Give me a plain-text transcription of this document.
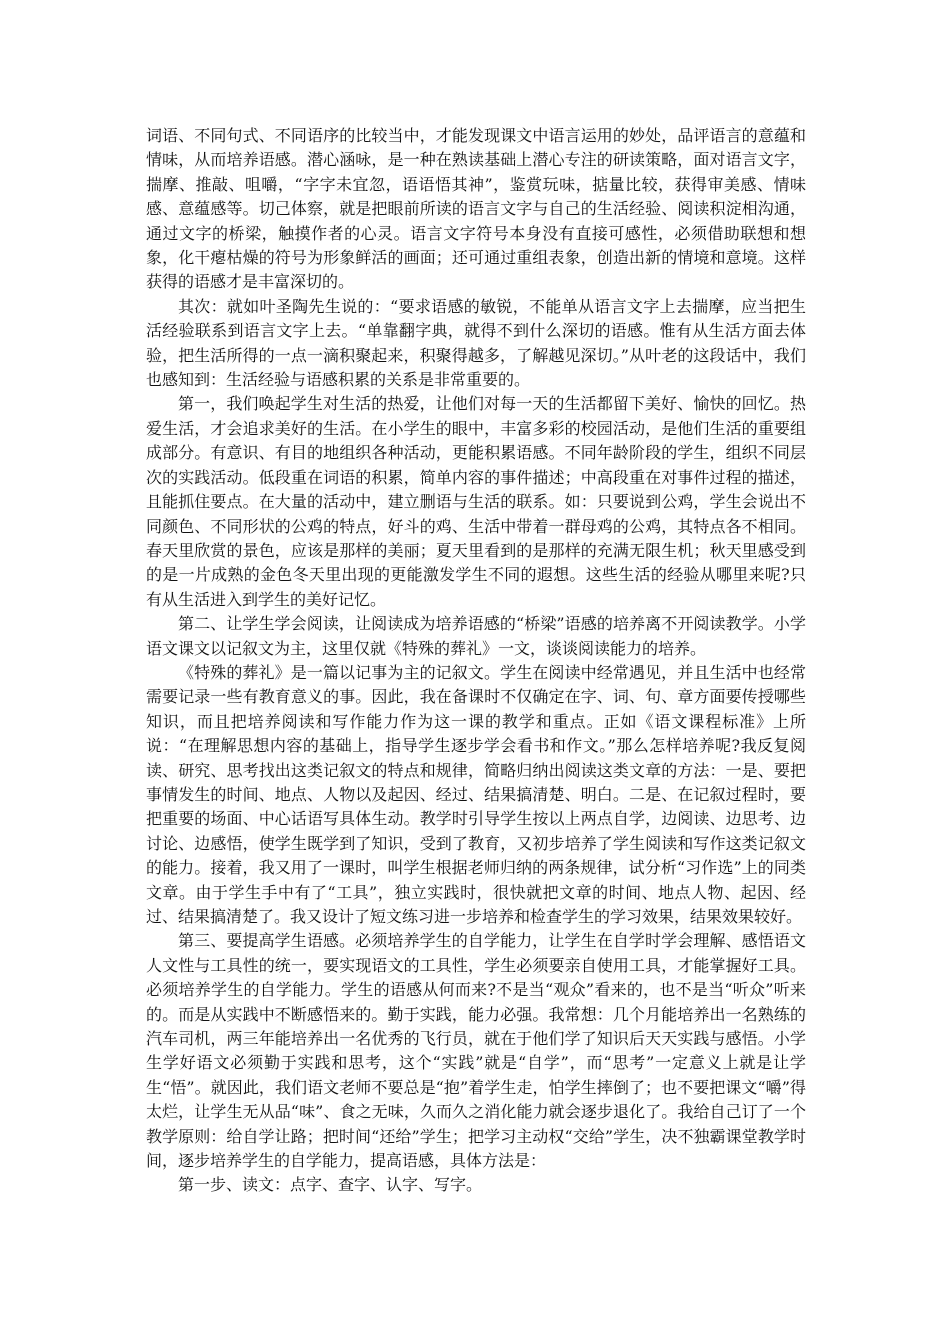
词语、不同句式、不同语序的比较当中，才能发现课文中语言运用的妙处，品评语言的意蕴和情味，从而培养语感。潜心涵咏，是一种在熟读基础上潜心专注的研读策略，面对语言文字，揣摩、推敲、咀嚼，“字字未宜忽，语语悟其神”，鉴赏玩味，掂量比较，获得审美感、情味感、意蕴感等。切己体察，就是把眼前所读的语言文字与自己的生活经验、阅读积淀相沟通，通过文字的桥梁，触摸作者的心灵。语言文字符号本身没有直接可感性，必须借助联想和想象，化干瘪枯燥的符号为形象鲜活的画面；还可通过重组表象，创造出新的情境和意境。这样获得的语感才是丰富深切的。

其次：就如叶圣陶先生说的：“要求语感的敏锐，不能单从语言文字上去揣摩，应当把生活经验联系到语言文字上去。“单靠翻字典，就得不到什么深切的语感。惟有从生活方面去体验，把生活所得的一点一滴积聚起来，积聚得越多，了解越见深切。”从叶老的这段话中，我们也感知到：生活经验与语感积累的关系是非常重要的。

第一，我们唤起学生对生活的热爱，让他们对每一天的生活都留下美好、愉快的回忆。热爱生活，才会追求美好的生活。在小学生的眼中，丰富多彩的校园活动，是他们生活的重要组成部分。有意识、有目的地组织各种活动，更能积累语感。不同年龄阶段的学生，组织不同层次的实践活动。低段重在词语的积累，简单内容的事件描述；中高段重在对事件过程的描述，且能抓住要点。在大量的活动中，建立删语与生活的联系。如：只要说到公鸡，学生会说出不同颜色、不同形状的公鸡的特点，好斗的鸡、生活中带着一群母鸡的公鸡，其特点各不相同。春天里欣赏的景色，应该是那样的美丽；夏天里看到的是那样的充满无限生机；秋天里感受到的是一片成熟的金色冬天里出现的更能激发学生不同的遐想。这些生活的经验从哪里来呢?只有从生活进入到学生的美好记忆。

第二、让学生学会阅读，让阅读成为培养语感的“桥梁”语感的培养离不开阅读教学。小学语文课文以记叙文为主，这里仅就《特殊的葬礼》一文，谈谈阅读能力的培养。

《特殊的葬礼》是一篇以记事为主的记叙文。学生在阅读中经常遇见，并且生活中也经常需要记录一些有教育意义的事。因此，我在备课时不仅确定在字、词、句、章方面要传授哪些知识，而且把培养阅读和写作能力作为这一课的教学和重点。正如《语文课程标准》上所说：“在理解思想内容的基础上，指导学生逐步学会看书和作文。”那么怎样培养呢?我反复阅读、研究、思考找出这类记叙文的特点和规律，简略归纳出阅读这类文章的方法：一是、要把事情发生的时间、地点、人物以及起因、经过、结果搞清楚、明白。二是、在记叙过程时，要把重要的场面、中心话语写具体生动。教学时引导学生按以上两点自学，边阅读、边思考、边讨论、边感悟，使学生既学到了知识，受到了教育，又初步培养了学生阅读和写作这类记叙文的能力。接着，我又用了一课时，叫学生根据老师归纳的两条规律，试分析“习作选”上的同类文章。由于学生手中有了“工具”，独立实践时，很快就把文章的时间、地点人物、起因、经过、结果搞清楚了。我又设计了短文练习进一步培养和检查学生的学习效果，结果效果较好。

第三、要提高学生语感。必须培养学生的自学能力，让学生在自学时学会理解、感悟语文人文性与工具性的统一，要实现语文的工具性，学生必须要亲自使用工具，才能掌握好工具。必须培养学生的自学能力。学生的语感从何而来?不是当“观众”看来的，也不是当“听众”听来的。而是从实践中不断感悟来的。勤于实践，能力必强。我常想：几个月能培养出一名熟练的汽车司机，两三年能培养出一名优秀的飞行员，就在于他们学了知识后天天实践与感悟。小学生学好语文必须勤于实践和思考，这个“实践”就是“自学”，而“思考”一定意义上就是让学生“悟”。就因此，我们语文老师不要总是“抱”着学生走，怕学生摔倒了；也不要把课文“嚼”得太烂，让学生无从品“味”、食之无味，久而久之消化能力就会逐步退化了。我给自己订了一个教学原则：给自学让路；把时间“还给”学生；把学习主动权“交给”学生，决不独霸课堂教学时间，逐步培养学生的自学能力，提高语感，具体方法是：

第一步、读文：点字、查字、认字、写字。
